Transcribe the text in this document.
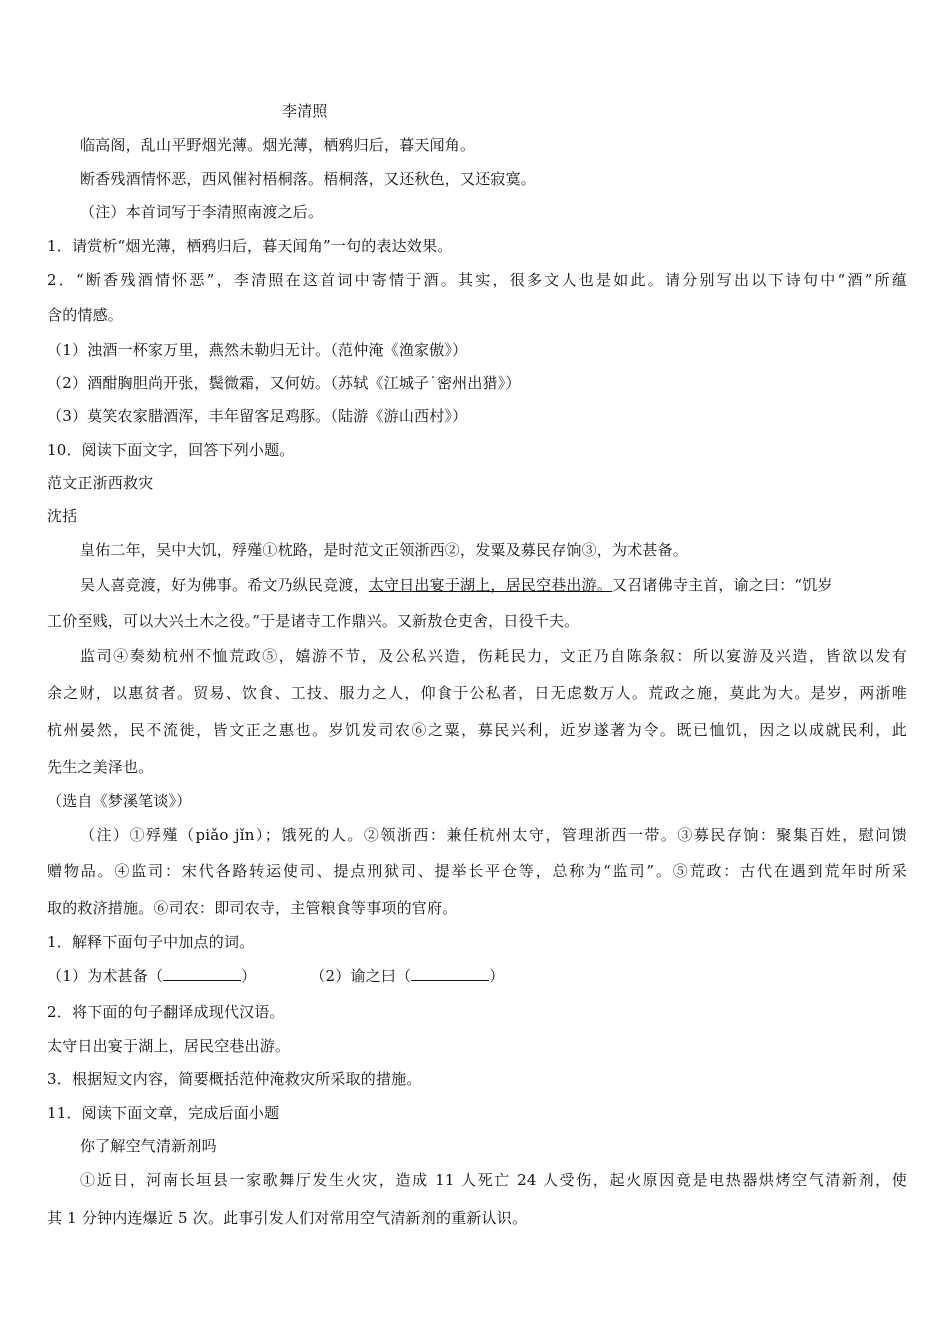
李清照
临高阁，乱山平野烟光薄。烟光薄，栖鸦归后，暮天闻角。
断香残酒情怀恶，西风催衬梧桐落。梧桐落，又还秋色，又还寂寞。
（注）本首词写于李清照南渡之后。
1．请赏析“烟光薄，栖鸦归后，暮天闻角”一句的表达效果。
2．“断香残酒情怀恶”，李清照在这首词中寄情于酒。其实，很多文人也是如此。请分别写出以下诗句中“酒”所蕴
含的情感。
（1）浊酒一杯家万里，燕然未勒归无计。（范仲淹《渔家傲》）
（2）酒酣胸胆尚开张，鬓微霜，又何妨。（苏轼《江城子˙密州出猎》）
（3）莫笑农家腊酒浑，丰年留客足鸡豚。（陆游《游山西村》）
10．阅读下面文字，回答下列小题。
范文正浙西救灾
沈括
皇佑二年，吴中大饥，殍殣①枕路，是时范文正领浙西②，发粟及募民存饷③，为术甚备。
吴人喜竞渡，好为佛事。希文乃纵民竞渡，太守日出宴于湖上，居民空巷出游。又召诸佛寺主首，谕之曰：“饥岁
工价至贱，可以大兴土木之役。”于是诸寺工作鼎兴。又新敖仓吏舍，日役千夫。
监司④奏劾杭州不恤荒政⑤，嬉游不节，及公私兴造，伤耗民力，文正乃自陈条叙：所以宴游及兴造，皆欲以发有
余之财，以惠贫者。贸易、饮食、工技、服力之人，仰食于公私者，日无虑数万人。荒政之施，莫此为大。是岁，两浙唯
杭州晏然，民不流徙，皆文正之惠也。岁饥发司农⑥之粟，募民兴利，近岁遂著为令。既已恤饥，因之以成就民利，此
先生之美泽也。
（选自《梦溪笔谈》）
（注）①殍殣（piǎo jǐn）；饿死的人。②领浙西：兼任杭州太守，管理浙西一带。③募民存饷：聚集百姓，慰问馈
赠物品。④监司：宋代各路转运使司、提点刑狱司、提举长平仓等，总称为“监司”。⑤荒政：古代在遇到荒年时所采
取的救济措施。⑥司农：即司农寺，主管粮食等事项的官府。
1．解释下面句子中加点的词。
（1）为术甚备（	）	（2）谕之曰（	）
2．将下面的句子翻译成现代汉语。
太守日出宴于湖上，居民空巷出游。
3．根据短文内容，简要概括范仲淹救灾所采取的措施。
11．阅读下面文章，完成后面小题
你了解空气清新剂吗
①近日，河南长垣县一家歌舞厅发生火灾，造成 11 人死亡 24 人受伤，起火原因竟是电热器烘烤空气清新剂，使
其 1 分钟内连爆近 5 次。此事引发人们对常用空气清新剂的重新认识。
